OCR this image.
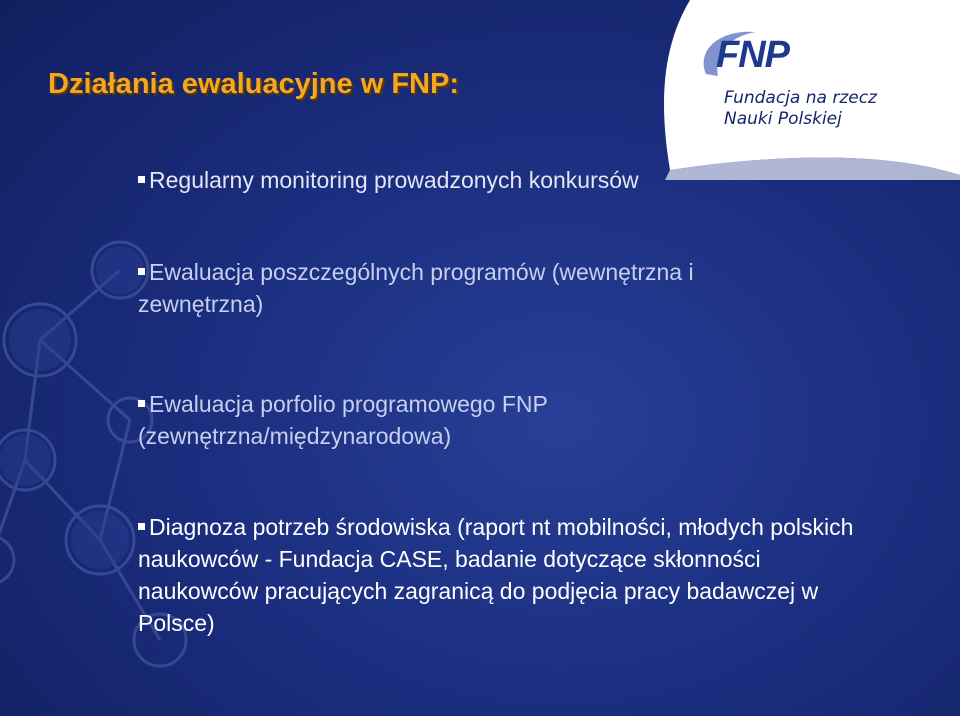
FNP
Fundacja na rzecz
Nauki Polskiej
Działania ewaluacyjne w FNP:
Regularny monitoring prowadzonych konkursów
Ewaluacja poszczególnych programów (wewnętrzna i zewnętrzna)
Ewaluacja porfolio programowego FNP (zewnętrzna/międzynarodowa)
Diagnoza potrzeb środowiska (raport nt mobilności, młodych polskich naukowców - Fundacja CASE, badanie dotyczące skłonności naukowców pracujących zagranicą do podjęcia pracy badawczej w Polsce)
